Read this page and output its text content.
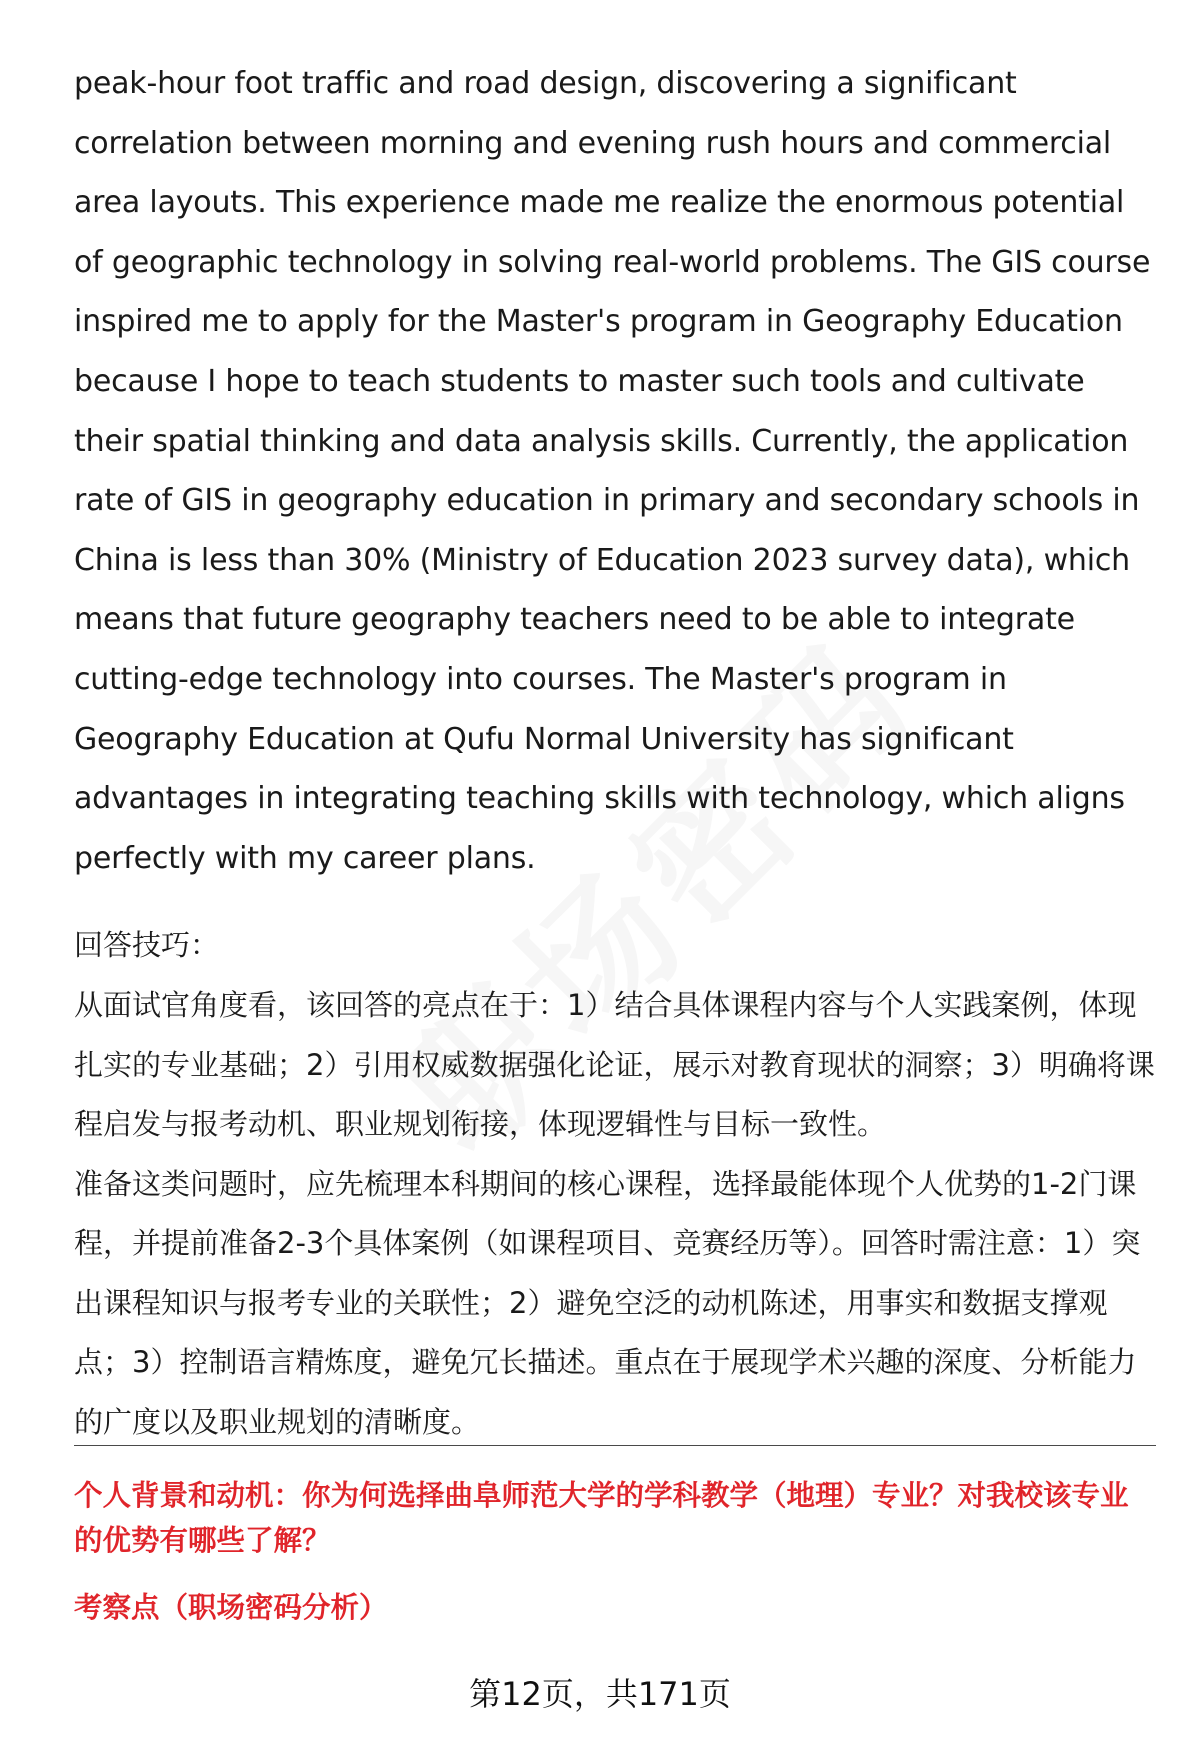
peak-hour foot traffic and road design, discovering a significant correlation between morning and evening rush hours and commercial area layouts. This experience made me realize the enormous potential of geographic technology in solving real-world problems. The GIS course inspired me to apply for the Master's program in Geography Education because I hope to teach students to master such tools and cultivate their spatial thinking and data analysis skills. Currently, the application rate of GIS in geography education in primary and secondary schools in China is less than 30% (Ministry of Education 2023 survey data), which means that future geography teachers need to be able to integrate cutting-edge technology into courses. The Master's program in Geography Education at Qufu Normal University has significant advantages in integrating teaching skills with technology, which aligns perfectly with my career plans.

回答技巧：

从面试官角度看，该回答的亮点在于：1）结合具体课程内容与个人实践案例，体现扎实的专业基础；2）引用权威数据强化论证，展示对教育现状的洞察；3）明确将课程启发与报考动机、职业规划衔接，体现逻辑性与目标一致性。

准备这类问题时，应先梳理本科期间的核心课程，选择最能体现个人优势的1-2门课程，并提前准备2-3个具体案例（如课程项目、竞赛经历等）。回答时需注意：1）突出课程知识与报考专业的关联性；2）避免空泛的动机陈述，用事实和数据支撑观点；3）控制语言精炼度，避免冗长描述。重点在于展现学术兴趣的深度、分析能力的广度以及职业规划的清晰度。

个人背景和动机：你为何选择曲阜师范大学的学科教学（地理）专业？对我校该专业的优势有哪些了解？

考察点（职场密码分析）

第12页，共171页
